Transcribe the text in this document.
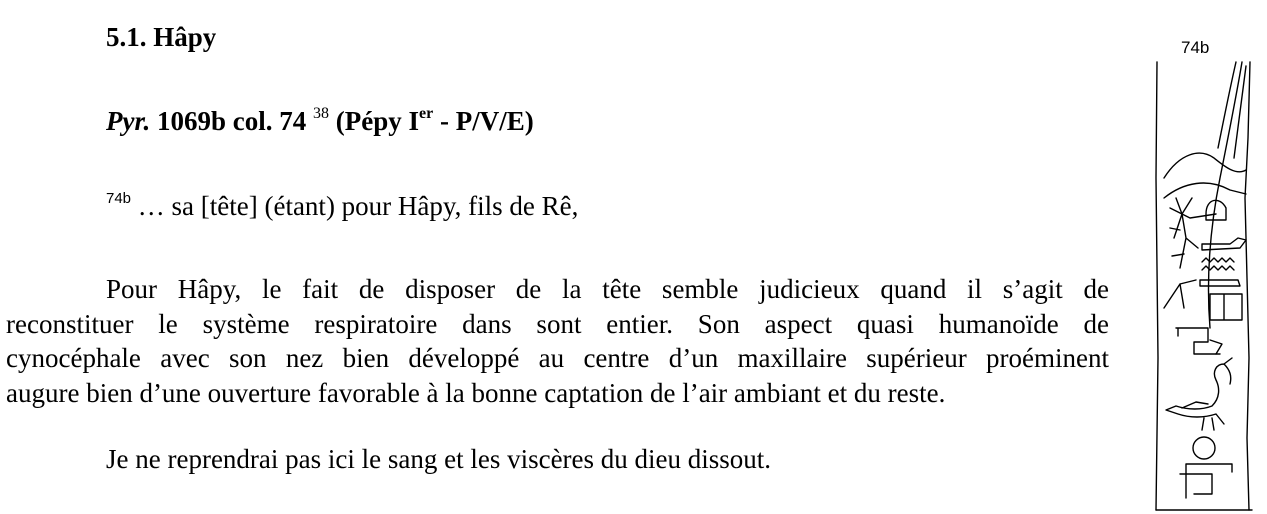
5.1. Hâpy
Pyr. 1069b col. 74 $^{38}$ (Pépy Ier - P/V/E)
$^{74b}$ … sa [tête] (étant) pour Hâpy, fils de Rê,
Pour Hâpy, le fait de disposer de la tête semble judicieux quand il s’agit de
reconstituer le système respiratoire dans sont entier. Son aspect quasi humanoïde de
cynocéphale avec son nez bien développé au centre d’un maxillaire supérieur proéminent
augure bien d’une ouverture favorable à la bonne captation de l’air ambiant et du reste.
Je ne reprendrai pas ici le sang et les viscères du dieu dissout.
74b
